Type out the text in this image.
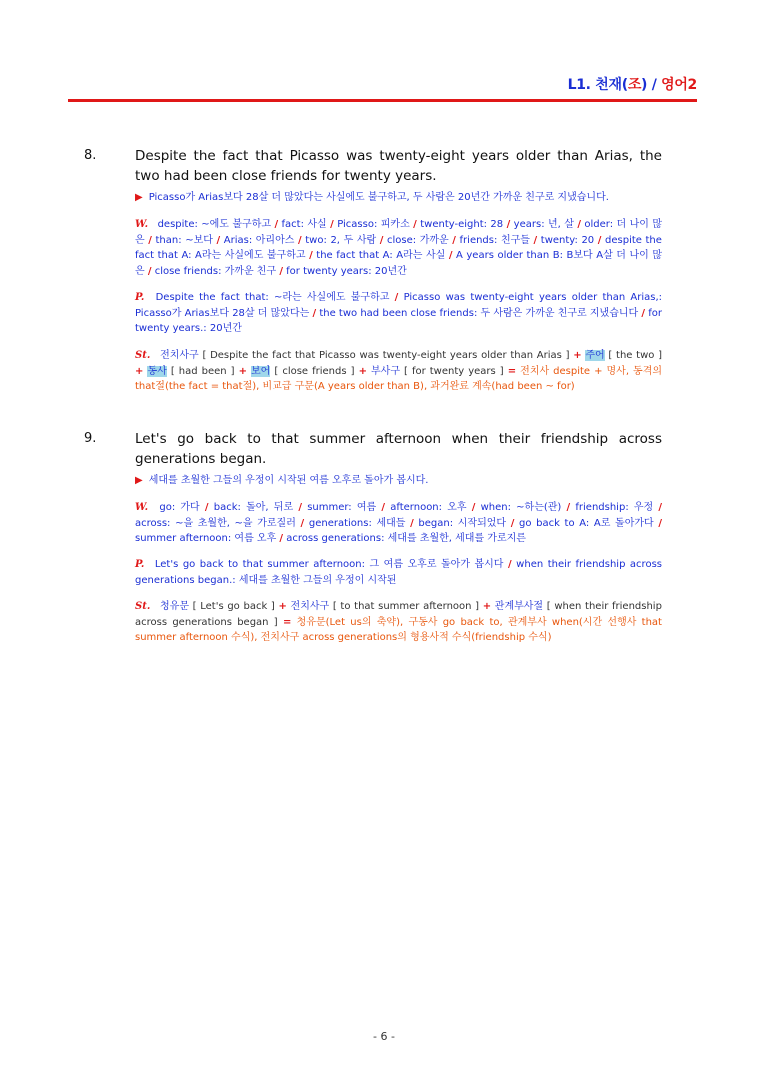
L1. 천재(조) / 영어2
8.	Despite the fact that Picasso was twenty-eight years older than Arias, the two had been close friends for twenty years.
▶ Picasso가 Arias보다 28살 더 많았다는 사실에도 불구하고, 두 사람은 20년간 가까운 친구로 지냈습니다.
W. despite: ~에도 불구하고 / fact: 사실 / Picasso: 피카소 / twenty-eight: 28 / years: 년, 살 / older: 더 나이 많은 / than: ~보다 / Arias: 아리아스 / two: 2, 두 사람 / close: 가까운 / friends: 친구들 / twenty: 20 / despite the fact that A: A라는 사실에도 불구하고 / the fact that A: A라는 사실 / A years older than B: B보다 A살 더 나이 많은 / close friends: 가까운 친구 / for twenty years: 20년간
P. Despite the fact that: ~라는 사실에도 불구하고 / Picasso was twenty-eight years older than Arias,: Picasso가 Arias보다 28살 더 많았다는 / the two had been close friends: 두 사람은 가까운 친구로 지냈습니다 / for twenty years.: 20년간
St. 전치사구 [ Despite the fact that Picasso was twenty-eight years older than Arias ] + 주어 [ the two ] + 동사 [ had been ] + 보어 [ close friends ] + 부사구 [ for twenty years ] = 전치사 despite + 명사, 동격의 that절(the fact = that절), 비교급 구문(A years older than B), 과거완료 계속(had been ~ for)
9.	Let's go back to that summer afternoon when their friendship across generations began.
▶ 세대를 초월한 그들의 우정이 시작된 여름 오후로 돌아가 봅시다.
W. go: 가다 / back: 돌아, 뒤로 / summer: 여름 / afternoon: 오후 / when: ~하는(관) / friendship: 우정 / across: ~을 초월한, ~을 가로질러 / generations: 세대들 / began: 시작되었다 / go back to A: A로 돌아가다 / summer afternoon: 여름 오후 / across generations: 세대를 초월한, 세대를 가로지른
P. Let's go back to that summer afternoon: 그 여름 오후로 돌아가 봅시다 / when their friendship across generations began.: 세대를 초월한 그들의 우정이 시작된
St. 청유문 [ Let's go back ] + 전치사구 [ to that summer afternoon ] + 관계부사절 [ when their friendship across generations began ] = 청유문(Let us의 축약), 구동사 go back to, 관계부사 when(시간 선행사 that summer afternoon 수식), 전치사구 across generations의 형용사적 수식(friendship 수식)
- 6 -
